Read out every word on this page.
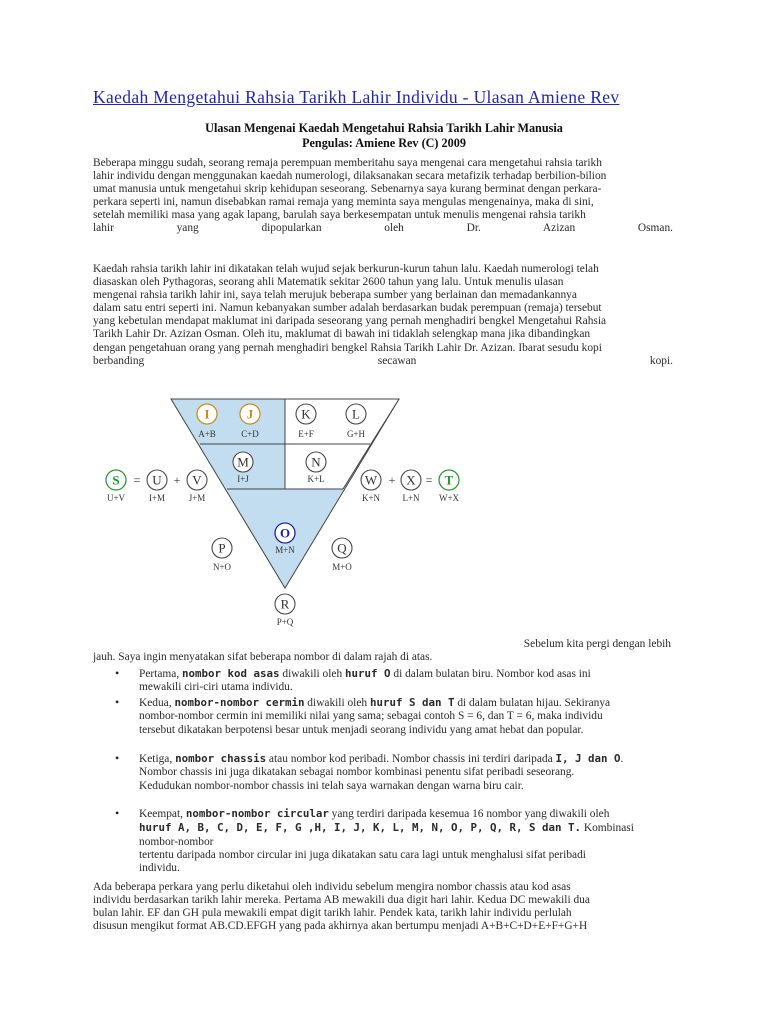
Kaedah Mengetahui Rahsia Tarikh Lahir Individu - Ulasan Amiene Rev
Ulasan Mengenai Kaedah Mengetahui Rahsia Tarikh Lahir Manusia
Pengulas: Amiene Rev (C) 2009
Beberapa minggu sudah, seorang remaja perempuan memberitahu saya mengenai cara mengetahui rahsia tarikh
lahir individu dengan menggunakan kaedah numerologi, dilaksanakan secara metafizik terhadap berbilion-bilion
umat manusia untuk mengetahui skrip kehidupan seseorang. Sebenarnya saya kurang berminat dengan perkara-
perkara seperti ini, namun disebabkan ramai remaja yang meminta saya mengulas mengenainya, maka di sini,
setelah memiliki masa yang agak lapang, barulah saya berkesempatan untuk menulis mengenai rahsia tarikh
lahir yang dipopularkan oleh Dr. Azizan Osman.
Kaedah rahsia tarikh lahir ini dikatakan telah wujud sejak berkurun-kurun tahun lalu. Kaedah numerologi telah
diasaskan oleh Pythagoras, seorang ahli Matematik sekitar 2600 tahun yang lalu. Untuk menulis ulasan
mengenai rahsia tarikh lahir ini, saya telah merujuk beberapa sumber yang berlainan dan memadankannya
dalam satu entri seperti ini. Namun kebanyakan sumber adalah berdasarkan budak perempuan (remaja) tersebut
yang kebetulan mendapat maklumat ini daripada seseorang yang pernah menghadiri bengkel Mengetahui Rahsia
Tarikh Lahir Dr. Azizan Osman. Oleh itu, maklumat di bawah ini tidaklah selengkap mana jika dibandingkan
dengan pengetahuan orang yang pernah menghadiri bengkel Rahsia Tarikh Lahir Dr. Azizan. Ibarat sesudu kopi
berbanding secawan kopi.
I
A+B
J
C+D
K
E+F
L
G+H
M
I+J
N
K+L
O
M+N
P
N+O
Q
M+O
R
P+Q
S
U+V
= U
I+M
+ V
J+M
W
K+N
+ X
L+N
= T
W+X
Sebelum kita pergi dengan lebih
jauh. Saya ingin menyatakan sifat beberapa nombor di dalam rajah di atas.
• Pertama, nombor kod asas diwakili oleh huruf O di dalam bulatan biru. Nombor kod asas ini
mewakili ciri-ciri utama individu.
• Kedua, nombor-nombor cermin diwakili oleh huruf S dan T di dalam bulatan hijau. Sekiranya
nombor-nombor cermin ini memiliki nilai yang sama; sebagai contoh S = 6, dan T = 6, maka individu
tersebut dikatakan berpotensi besar untuk menjadi seorang individu yang amat hebat dan popular.
• Ketiga, nombor chassis atau nombor kod peribadi. Nombor chassis ini terdiri daripada I, J dan O.
Nombor chassis ini juga dikatakan sebagai nombor kombinasi penentu sifat peribadi seseorang.
Kedudukan nombor-nombor chassis ini telah saya warnakan dengan warna biru cair.
• Keempat, nombor-nombor circular yang terdiri daripada kesemua 16 nombor yang diwakili oleh
huruf A, B, C, D, E, F, G ,H, I, J, K, L, M, N, O, P, Q, R, S dan T. Kombinasi nombor-nombor
tertentu daripada nombor circular ini juga dikatakan satu cara lagi untuk menghalusi sifat peribadi
individu.
Ada beberapa perkara yang perlu diketahui oleh individu sebelum mengira nombor chassis atau kod asas
individu berdasarkan tarikh lahir mereka. Pertama AB mewakili dua digit hari lahir. Kedua DC mewakili dua
bulan lahir. EF dan GH pula mewakili empat digit tarikh lahir. Pendek kata, tarikh lahir individu perlulah
disusun mengikut format AB.CD.EFGH yang pada akhirnya akan bertumpu menjadi A+B+C+D+E+F+G+H
